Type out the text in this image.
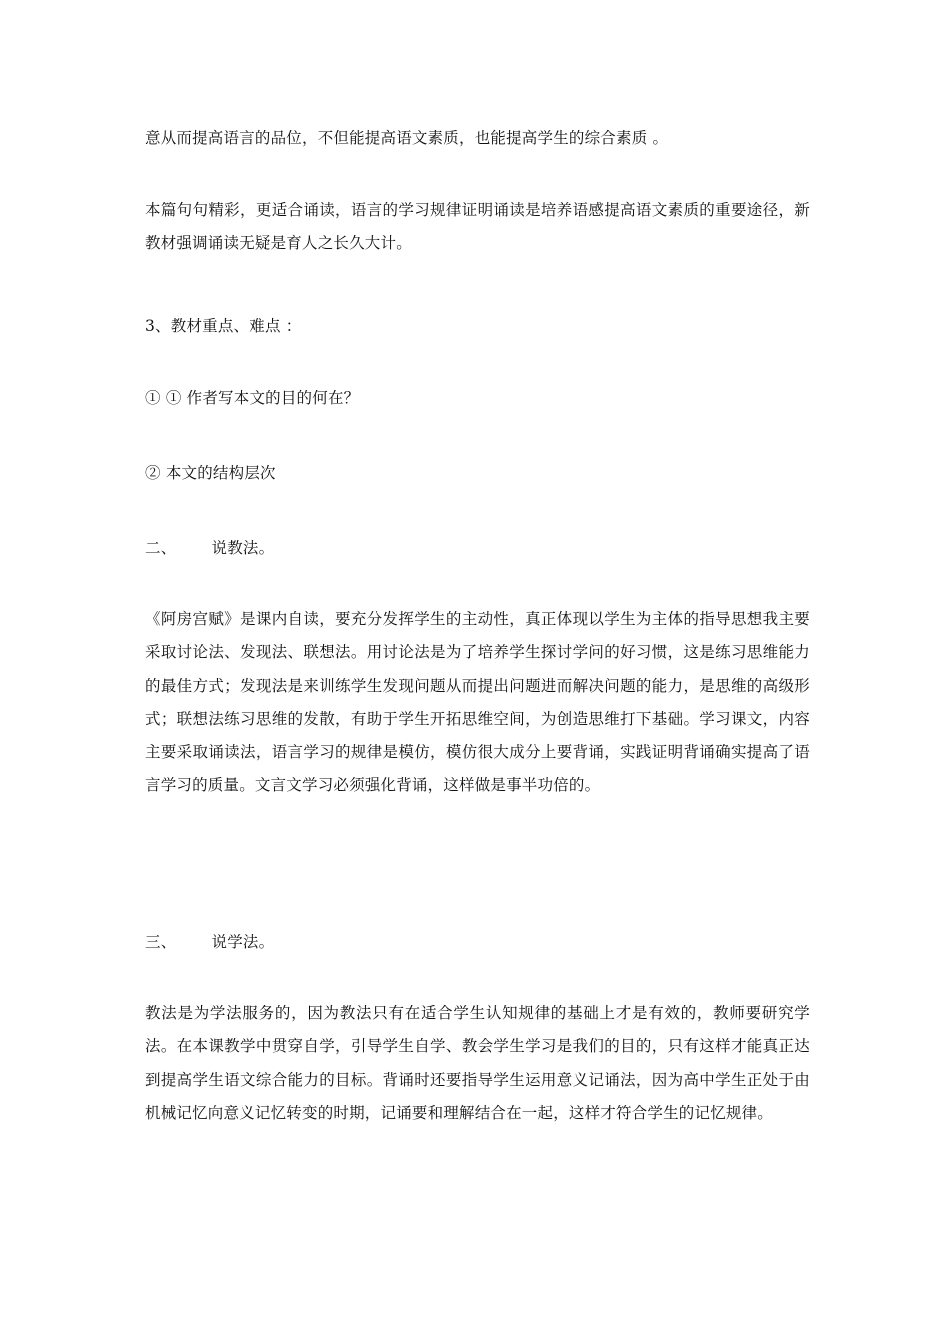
意从而提高语言的品位，不但能提高语文素质，也能提高学生的综合素质 。
本篇句句精彩，更适合诵读，语言的学习规律证明诵读是培养语感提高语文素质的重要途径，新教材强调诵读无疑是育人之长久大计。
3、教材重点、难点 ：
① ① 作者写本文的目的何在？
② 本文的结构层次
二、 说教法。
《阿房宫赋》是课内自读，要充分发挥学生的主动性，真正体现以学生为主体的指导思想我主要采取讨论法、发现法、联想法。用讨论法是为了培养学生探讨学问的好习惯，这是练习思维能力的最佳方式；发现法是来训练学生发现问题从而提出问题进而解决问题的能力，是思维的高级形式；联想法练习思维的发散，有助于学生开拓思维空间，为创造思维打下基础。学习课文，内容主要采取诵读法，语言学习的规律是模仿，模仿很大成分上要背诵，实践证明背诵确实提高了语言学习的质量。文言文学习必须强化背诵，这样做是事半功倍的。
三、 说学法。
教法是为学法服务的，因为教法只有在适合学生认知规律的基础上才是有效的，教师要研究学法。在本课教学中贯穿自学，引导学生自学、教会学生学习是我们的目的，只有这样才能真正达到提高学生语文综合能力的目标。背诵时还要指导学生运用意义记诵法，因为高中学生正处于由机械记忆向意义记忆转变的时期，记诵要和理解结合在一起，这样才符合学生的记忆规律。
